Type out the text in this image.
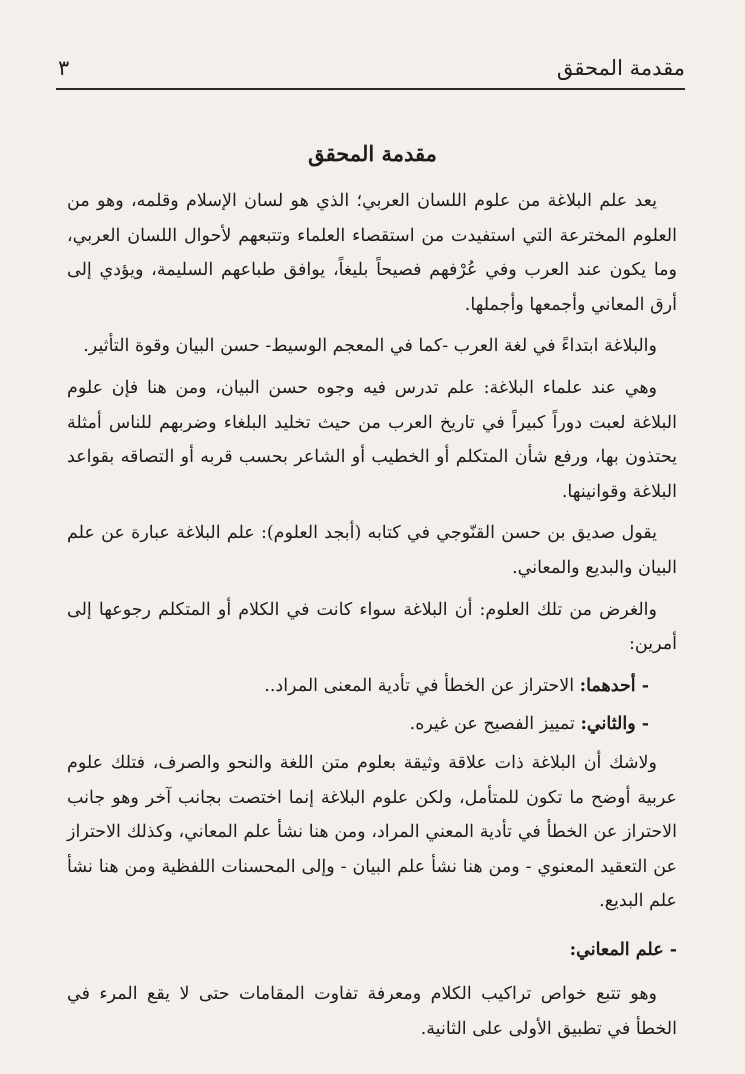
مقدمة المحقق
٣
مقدمة المحقق

يعد علم البلاغة من علوم اللسان العربي؛ الذي هو لسان الإسلام وقلمه، وهو من العلوم المخترعة التي استفيدت من استقصاء العلماء وتتبعهم لأحوال اللسان العربي، وما يكون عند العرب وفي عُرْفهم فصيحاً بليغاً، يوافق طباعهم السليمة، ويؤدي إلى أرق المعاني وأجمعها وأجملها.

والبلاغة ابتداءً في لغة العرب -كما في المعجم الوسيط- حسن البيان وقوة التأثير.

وهي عند علماء البلاغة: علم تدرس فيه وجوه حسن البيان، ومن هنا فإن علوم البلاغة لعبت دوراً كبيراً في تاريخ العرب من حيث تخليد البلغاء وضربهم للناس أمثلة يحتذون بها، ورفع شأن المتكلم أو الخطيب أو الشاعر بحسب قربه أو التصاقه بقواعد البلاغة وقوانينها.

يقول صديق بن حسن القنّوجي في كتابه (أبجد العلوم): علم البلاغة عبارة عن علم البيان والبديع والمعاني.

والغرض من تلك العلوم: أن البلاغة سواء كانت في الكلام أو المتكلم رجوعها إلى أمرين:

- أحدهما: الاحتراز عن الخطأ في تأدية المعنى المراد..

- والثاني: تمييز الفصيح عن غيره.

ولاشك أن البلاغة ذات علاقة وثيقة بعلوم متن اللغة والنحو والصرف، فتلك علوم عربية أوضح ما تكون للمتأمل، ولكن علوم البلاغة إنما اختصت بجانب آخر وهو جانب الاحتراز عن الخطأ في تأدية المعني المراد، ومن هنا نشأ علم المعاني، وكذلك الاحتراز عن التعقيد المعنوي - ومن هنا نشأ علم البيان - وإلى المحسنات اللفظية ومن هنا نشأ علم البديع.

- علم المعاني:

وهو تتبع خواص تراكيب الكلام ومعرفة تفاوت المقامات حتى لا يقع المرء في الخطأ في تطبيق الأولى على الثانية.
